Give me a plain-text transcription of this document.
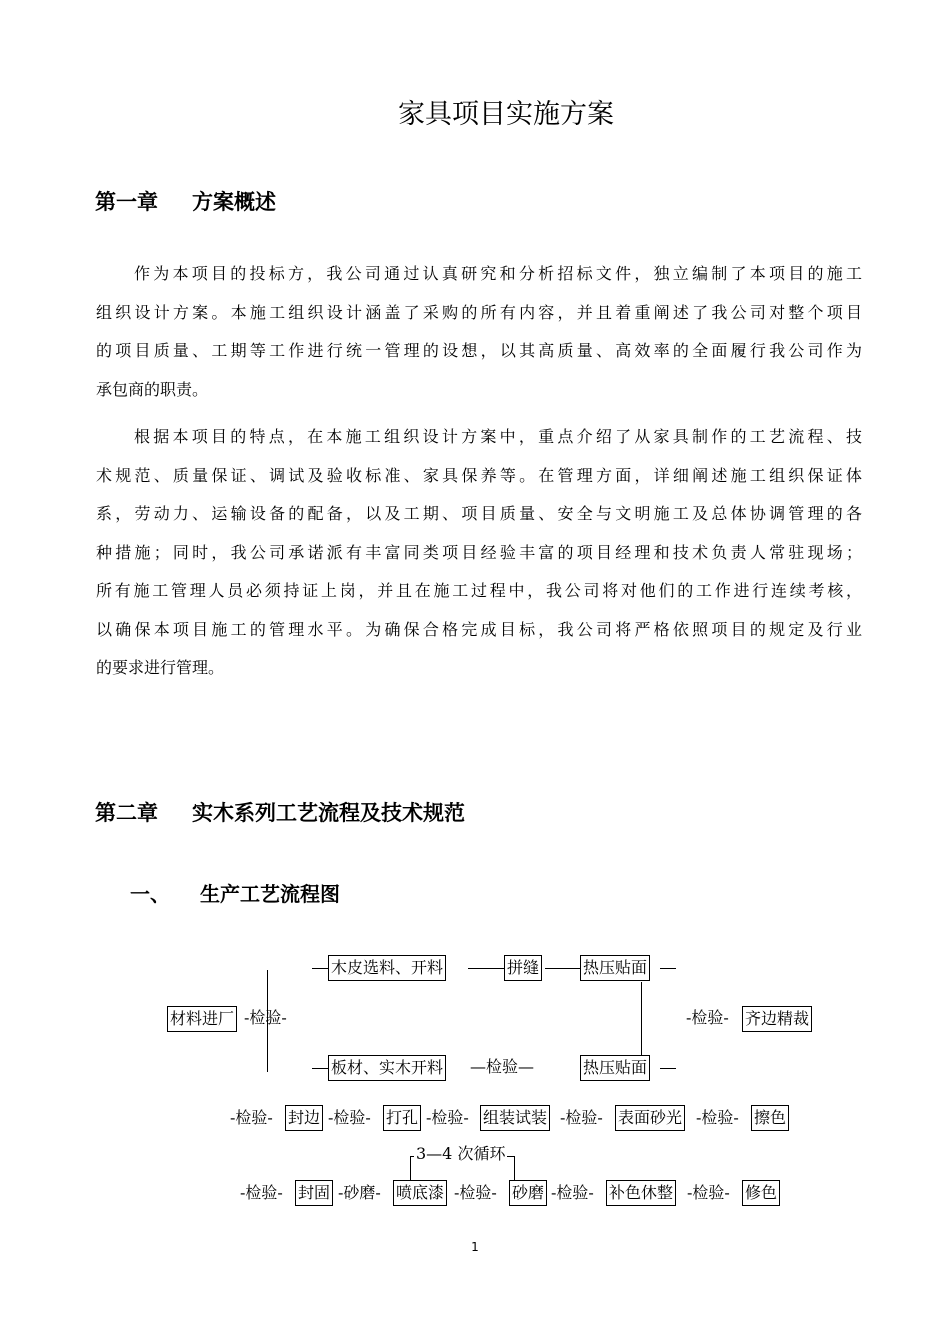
家具项目实施方案
第一章 方案概述
作为本项目的投标方，我公司通过认真研究和分析招标文件，独立编制了本项目的施工
组织设计方案。本施工组织设计涵盖了采购的所有内容，并且着重阐述了我公司对整个项目
的项目质量、工期等工作进行统一管理的设想，以其高质量、高效率的全面履行我公司作为
承包商的职责。
根据本项目的特点，在本施工组织设计方案中，重点介绍了从家具制作的工艺流程、技
术规范、质量保证、调试及验收标准、家具保养等。在管理方面，详细阐述施工组织保证体
系，劳动力、运输设备的配备，以及工期、项目质量、安全与文明施工及总体协调管理的各
种措施；同时，我公司承诺派有丰富同类项目经验丰富的项目经理和技术负责人常驻现场；
所有施工管理人员必须持证上岗，并且在施工过程中，我公司将对他们的工作进行连续考核，
以确保本项目施工的管理水平。为确保合格完成目标，我公司将严格依照项目的规定及行业
的要求进行管理。
第二章 实木系列工艺流程及技术规范
一、 生产工艺流程图
木皮选料、开料	拼缝	热压贴面
材料进厂 -检验-	-检验- 齐边精裁
板材、实木开料 —检验—	热压贴面
-检验- 封边 -检验- 打孔 -检验- 组装试装 -检验- 表面砂光 -检验- 擦色
3—4 次循环
-检验- 封固 -砂磨- 喷底漆 -检验- 砂磨 -检验- 补色休整 -检验- 修色
1
